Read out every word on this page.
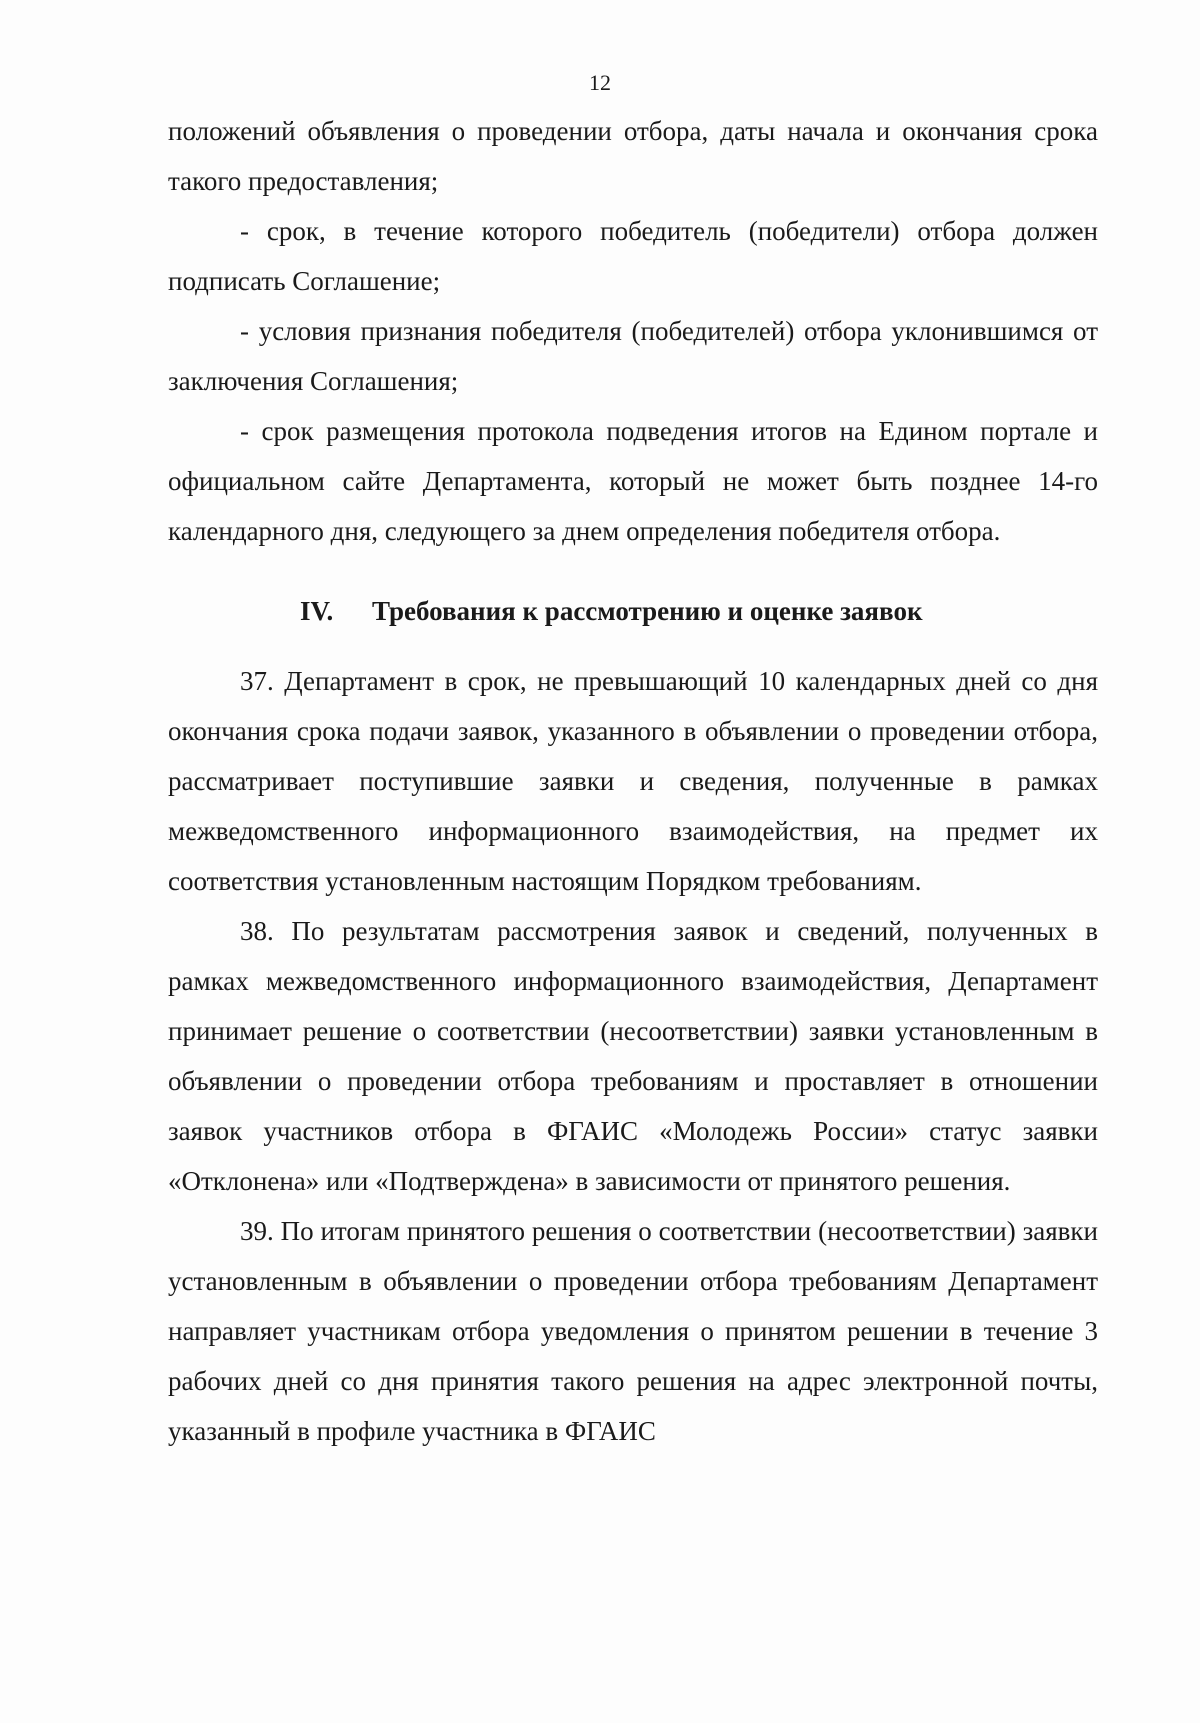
12

положений объявления о проведении отбора, даты начала и окончания срока такого предоставления;

- срок, в течение которого победитель (победители) отбора должен подписать Соглашение;

- условия признания победителя (победителей) отбора уклонившимся от заключения Соглашения;

- срок размещения протокола подведения итогов на Едином портале и официальном сайте Департамента, который не может быть позднее 14-го календарного дня, следующего за днем определения победителя отбора.

IV. Требования к рассмотрению и оценке заявок

37. Департамент в срок, не превышающий 10 календарных дней со дня окончания срока подачи заявок, указанного в объявлении о проведении отбора, рассматривает поступившие заявки и сведения, полученные в рамках межведомственного информационного взаимодействия, на предмет их соответствия установленным настоящим Порядком требованиям.

38. По результатам рассмотрения заявок и сведений, полученных в рамках межведомственного информационного взаимодействия, Департамент принимает решение о соответствии (несоответствии) заявки установленным в объявлении о проведении отбора требованиям и проставляет в отношении заявок участников отбора в ФГАИС «Молодежь России» статус заявки «Отклонена» или «Подтверждена» в зависимости от принятого решения.

39. По итогам принятого решения о соответствии (несоответствии) заявки установленным в объявлении о проведении отбора требованиям Департамент направляет участникам отбора уведомления о принятом решении в течение 3 рабочих дней со дня принятия такого решения на адрес электронной почты, указанный в профиле участника в ФГАИС
